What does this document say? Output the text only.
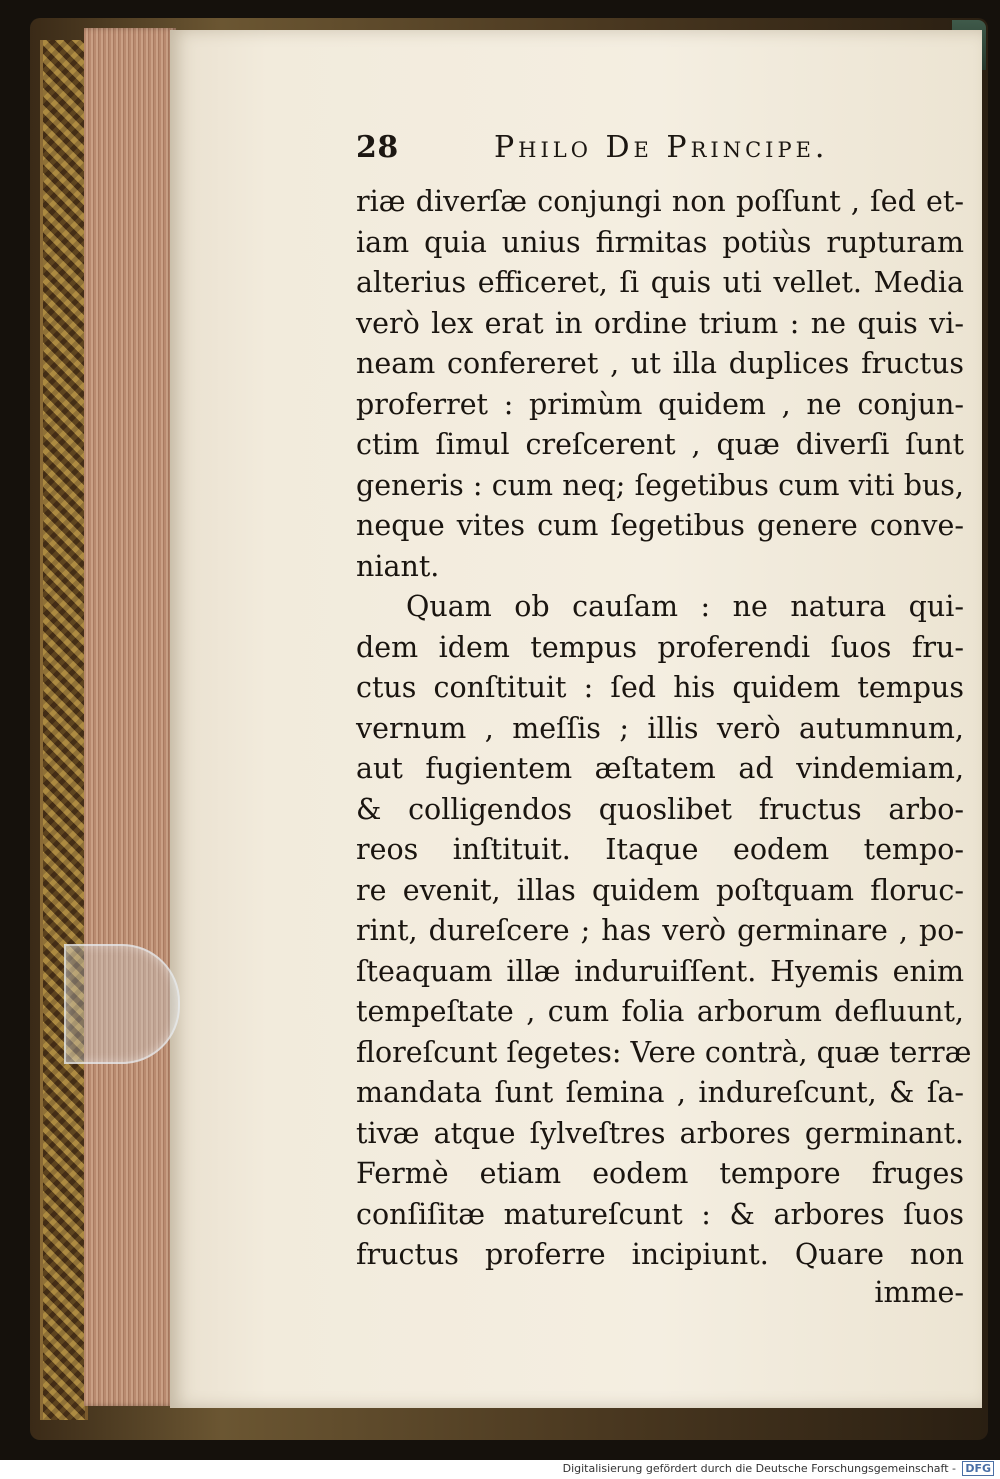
28	Philo De Principe.
riæ diverſæ conjungi non poſſunt , ſed et-
iam quia unius firmitas potiùs rupturam
alterius efficeret, ſi quis uti vellet. Media
verò lex erat in ordine trium : ne quis vi-
neam confereret , ut illa duplices fructus
proferret : primùm quidem , ne conjun-
ctim ſimul creſcerent , quæ diverſi ſunt
generis : cum neq; ſegetibus cum viti bus,
neque vites cum ſegetibus genere conve-
niant.
Quam ob cauſam : ne natura qui-
dem idem tempus proferendi ſuos fru-
ctus conſtituit : ſed his quidem tempus
vernum , meſſis ; illis verò autumnum,
aut fugientem æſtatem ad vindemiam,
& colligendos quoslibet fructus arbo-
reos inſtituit. Itaque eodem tempo-
re evenit, illas quidem poſtquam floruc-
rint, dureſcere ; has verò germinare , po-
ſteaquam illæ induruiſſent. Hyemis enim
tempeſtate , cum folia arborum defluunt,
floreſcunt ſegetes: Vere contrà, quæ terræ
mandata ſunt ſemina , indureſcunt, & ſa-
tivæ atque ſylveſtres arbores germinant.
Fermè etiam eodem tempore fruges
conſiſitæ matureſcunt : & arbores ſuos
fructus proferre incipiunt. Quare non
imme-
Digitalisierung gefördert durch die Deutsche Forschungsgemeinschaft - DFG
